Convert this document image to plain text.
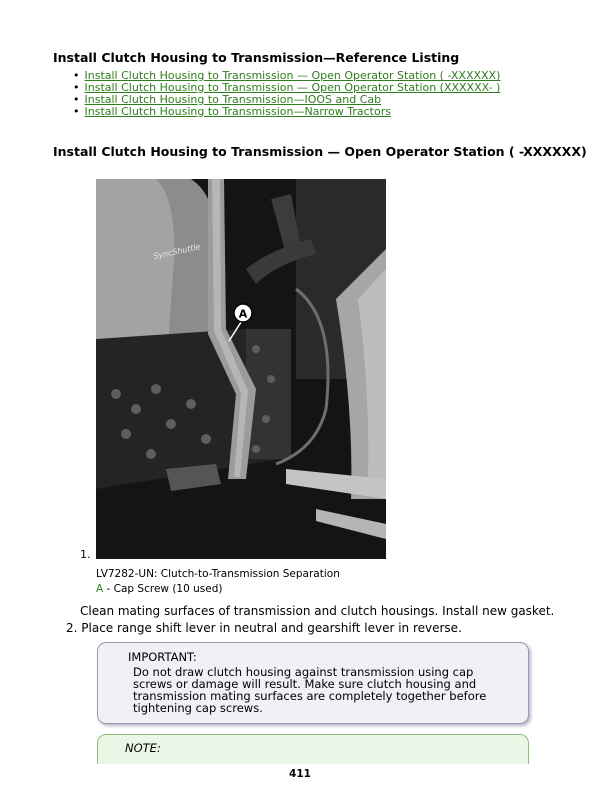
Install Clutch Housing to Transmission—Reference Listing
• Install Clutch Housing to Transmission — Open Operator Station ( -XXXXXX)
• Install Clutch Housing to Transmission — Open Operator Station (XXXXXX- )
• Install Clutch Housing to Transmission—IOOS and Cab
• Install Clutch Housing to Transmission—Narrow Tractors
Install Clutch Housing to Transmission — Open Operator Station ( -XXXXXX)
A
SyncShuttle
1.
LV7282-UN: Clutch-to-Transmission Separation
A - Cap Screw (10 used)
Clean mating surfaces of transmission and clutch housings. Install new gasket.
2. Place range shift lever in neutral and gearshift lever in reverse.
IMPORTANT:
Do not draw clutch housing against transmission using cap screws or damage will result. Make sure clutch housing and transmission mating surfaces are completely together before tightening cap screws.
NOTE:
411
